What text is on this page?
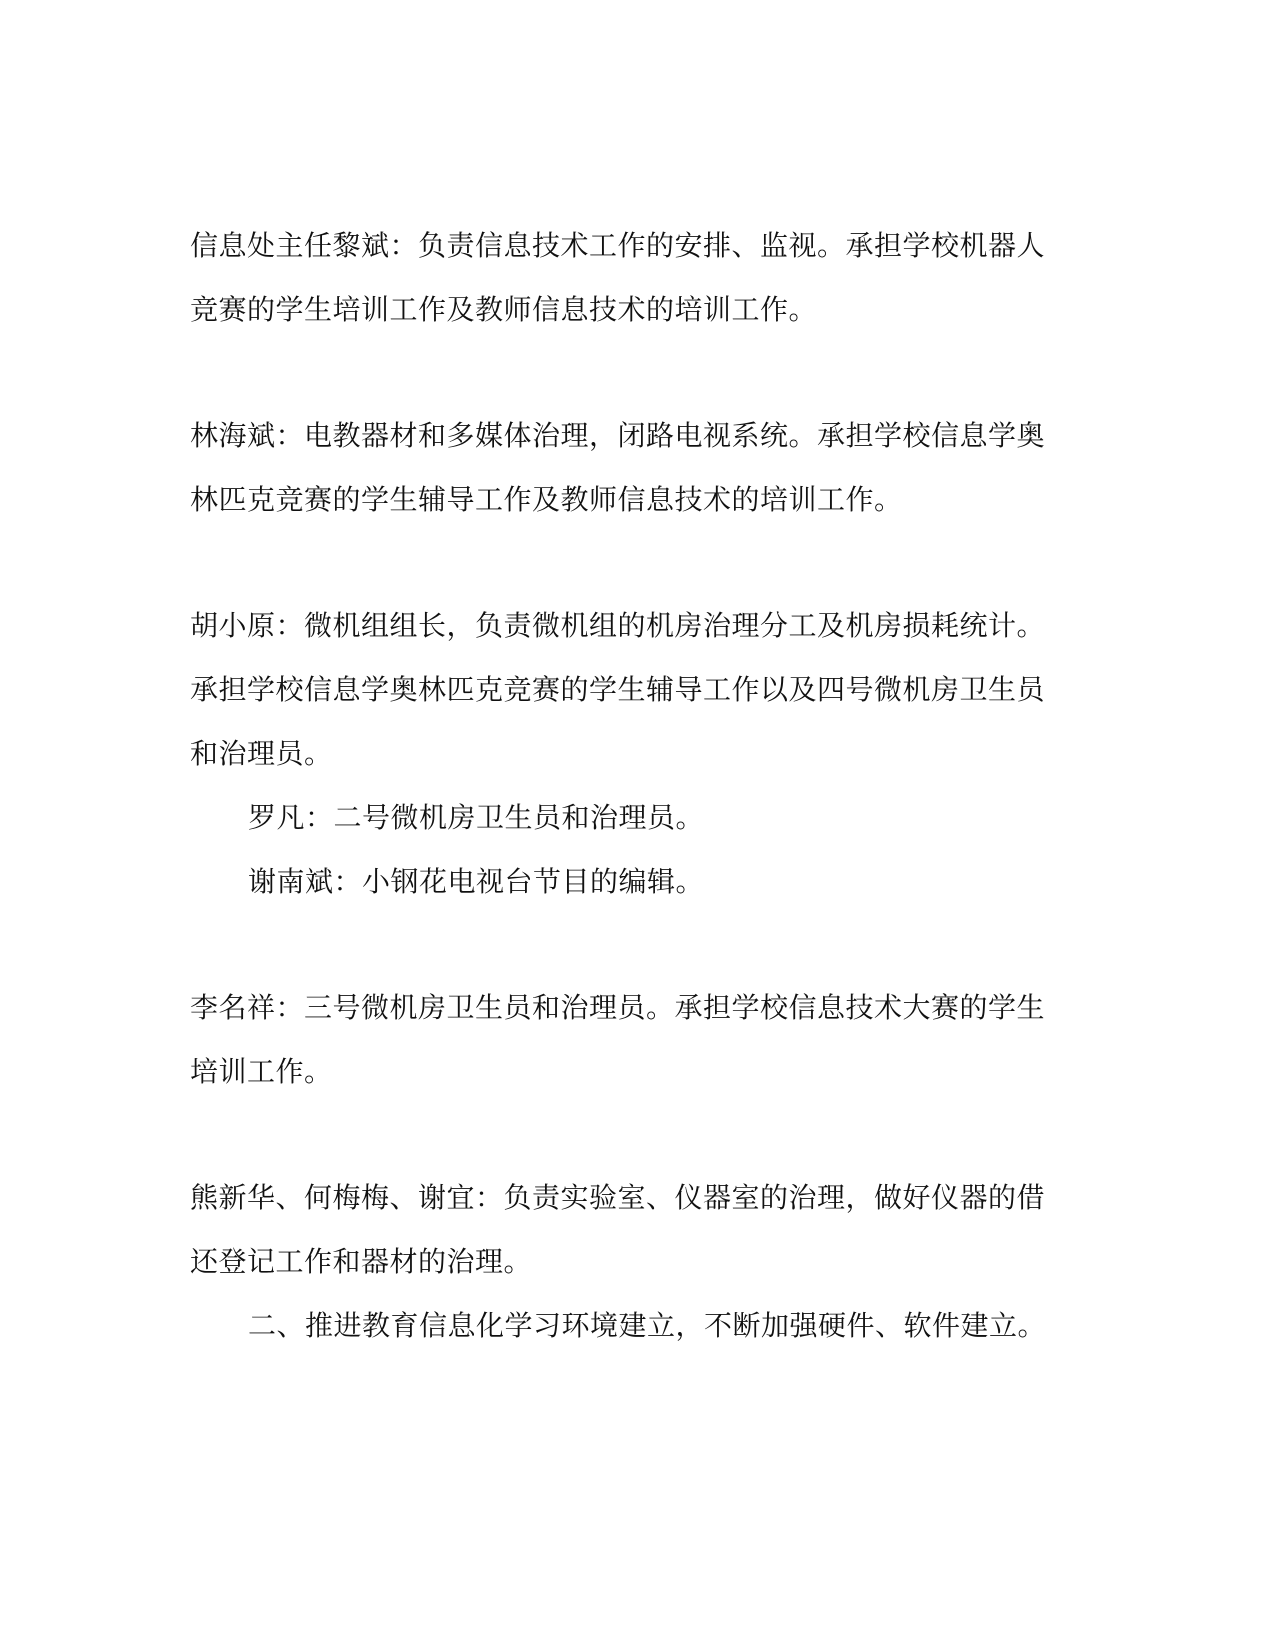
信息处主任黎斌：负责信息技术工作的安排、监视。承担学校机器人
竞赛的学生培训工作及教师信息技术的培训工作。
林海斌：电教器材和多媒体治理，闭路电视系统。承担学校信息学奥
林匹克竞赛的学生辅导工作及教师信息技术的培训工作。
胡小原：微机组组长，负责微机组的机房治理分工及机房损耗统计。
承担学校信息学奥林匹克竞赛的学生辅导工作以及四号微机房卫生员
和治理员。
罗凡：二号微机房卫生员和治理员。
谢南斌：小钢花电视台节目的编辑。
李名祥：三号微机房卫生员和治理员。承担学校信息技术大赛的学生
培训工作。
熊新华、何梅梅、谢宜：负责实验室、仪器室的治理，做好仪器的借
还登记工作和器材的治理。
二、推进教育信息化学习环境建立，不断加强硬件、软件建立。
